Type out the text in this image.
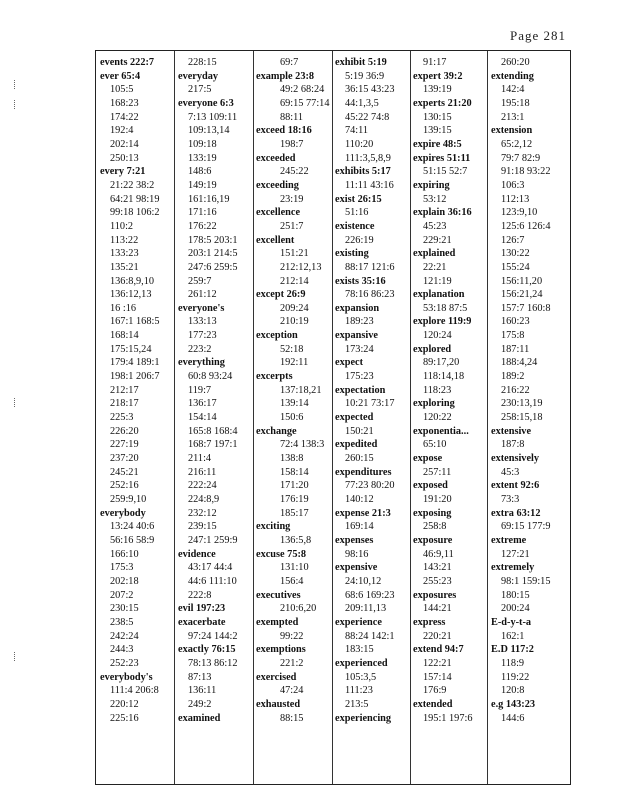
Page 281
events 222:7
ever 65:4
105:5
168:23
174:22
192:4
202:14
250:13
every 7:21
21:22 38:2
64:21 98:19
99:18 106:2
110:2
113:22
133:23
135:21
136:8,9,10
136:12,13
16 :16
167:1 168:5
168:14
175:15,24
179:4 189:1
198:1 206:7
212:17
218:17
225:3
226:20
227:19
237:20
245:21
252:16
259:9,10
everybody
13:24 40:6
56:16 58:9
166:10
175:3
202:18
207:2
230:15
238:5
242:24
244:3
252:23
everybody's
111:4 206:8
220:12
225:16
228:15
everyday
217:5
everyone 6:3
7:13 109:11
109:13,14
109:18
133:19
148:6
149:19
161:16,19
171:16
176:22
178:5 203:1
203:1 214:5
247:6 259:5
259:7
261:12
everyone's
133:13
177:23
223:2
everything
60:8 93:24
119:7
136:17
154:14
165:8 168:4
168:7 197:1
211:4
216:11
222:24
224:8,9
232:12
239:15
247:1 259:9
evidence
43:17 44:4
44:6 111:10
222:8
evil 197:23
exacerbate
97:24 144:2
exactly 76:15
78:13 86:12
87:13
136:11
249:2
examined
69:7
example 23:8
49:2 68:24
69:15 77:14
88:11
exceed 18:16
198:7
exceeded
245:22
exceeding
23:19
excellence
251:7
excellent
151:21
212:12,13
212:14
except 26:9
209:24
210:19
exception
52:18
192:11
excerpts
137:18,21
139:14
150:6
exchange
72:4 138:3
138:8
158:14
171:20
176:19
185:17
exciting
136:5,8
excuse 75:8
131:10
156:4
executives
210:6,20
exempted
99:22
exemptions
221:2
exercised
47:24
exhausted
88:15
exhibit 5:19
5:19 36:9
36:15 43:23
44:1,3,5
45:22 74:8
74:11
110:20
111:3,5,8,9
exhibits 5:17
11:11 43:16
exist 26:15
51:16
existence
226:19
existing
88:17 121:6
exists 35:16
78:16 86:23
expansion
189:23
expansive
173:24
expect
175:23
expectation
10:21 73:17
expected
150:21
expedited
260:15
expenditures
77:23 80:20
140:12
expense 21:3
169:14
expenses
98:16
expensive
24:10,12
68:6 169:23
209:11,13
experience
88:24 142:1
183:15
experienced
105:3,5
111:23
213:5
experiencing
91:17
expert 39:2
139:19
experts 21:20
130:15
139:15
expire 48:5
expires 51:11
51:15 52:7
expiring
53:12
explain 36:16
45:23
229:21
explained
22:21
121:19
explanation
53:18 87:5
explore 119:9
120:24
explored
89:17,20
118:14,18
118:23
exploring
120:22
exponentia...
65:10
expose
257:11
exposed
191:20
exposing
258:8
exposure
46:9,11
143:21
255:23
exposures
144:21
express
220:21
extend 94:7
122:21
157:14
176:9
extended
195:1 197:6
260:20
extending
142:4
195:18
213:1
extension
65:2,12
79:7 82:9
91:18 93:22
106:3
112:13
123:9,10
125:6 126:4
126:7
130:22
155:24
156:11,20
156:21,24
157:7 160:8
160:23
175:8
187:11
188:4,24
189:2
216:22
230:13,19
258:15,18
extensive
187:8
extensively
45:3
extent 92:6
73:3
extra 63:12
69:15 177:9
extreme
127:21
extremely
98:1 159:15
180:15
200:24
E-d-y-t-a
162:1
E.D 117:2
118:9
119:22
120:8
e.g 143:23
144:6
